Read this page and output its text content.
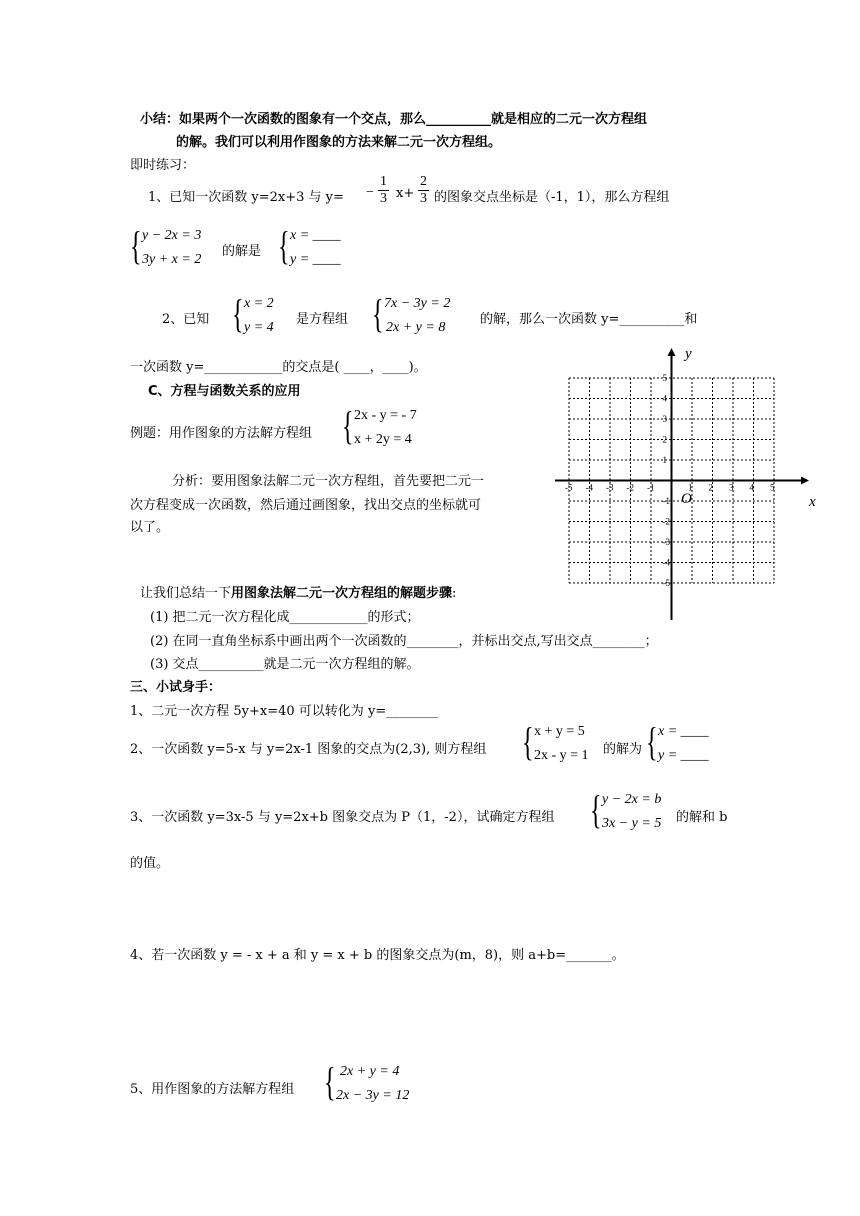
小结：如果两个一次函数的图象有一个交点，那么__________就是相应的二元一次方程组
的解。我们可以利用作图象的方法来解二元一次方程组。
即时练习：
1、已知一次函数 y=2x+3 与 $y= - \frac{1}{3} x+ \frac{2}{3}$ 的图象交点坐标是（-1，1），那么方程组
{ y − 2x = 3
3y + x = 2
的解是 { x = ____
y = ____
2、已知 { x = 2
y = 4
是方程组 { 7x − 3y = 2
2x + y = 8
的解，那么一次函数 y=__________和
一次函数 y=____________的交点是( ____，____)。
C、方程与函数关系的应用
例题：用作图象的方法解方程组 { 2x - y = - 7
x + 2y = 4
分析：要用图象法解二元一次方程组，首先要把二元一
次方程变成一次函数，然后通过画图象，找出交点的坐标就可
以了。
-5 -4 -3 -2 -1	1 2 3 4 5
5
4
3
2
1
-1
-2
-3
-4
-5
x
y
O
让我们总结一下用图象法解二元一次方程组的解题步骤:
(1) 把二元一次方程化成____________的形式；
(2) 在同一直角坐标系中画出两个一次函数的________，并标出交点,写出交点________；
(3) 交点__________就是二元一次方程组的解。
三、小试身手：
1、二元一次方程 5y+x=40 可以转化为 y=________
2、一次函数 y=5-x 与 y=2x-1 图象的交点为(2,3), 则方程组 { x + y = 5
2x - y = 1 的解为 { x = ____
y = ____
3、一次函数 y=3x-5 与 y=2x+b 图象交点为 P（1，-2），试确定方程组 { y − 2x = b
3x − y = 5 的解和 b
的值。
4、若一次函数 y = - x + a 和 y = x + b 的图象交点为(m，8)，则 a+b=_______。
5、用作图象的方法解方程组 { 2x + y = 4
2x − 3y = 12
